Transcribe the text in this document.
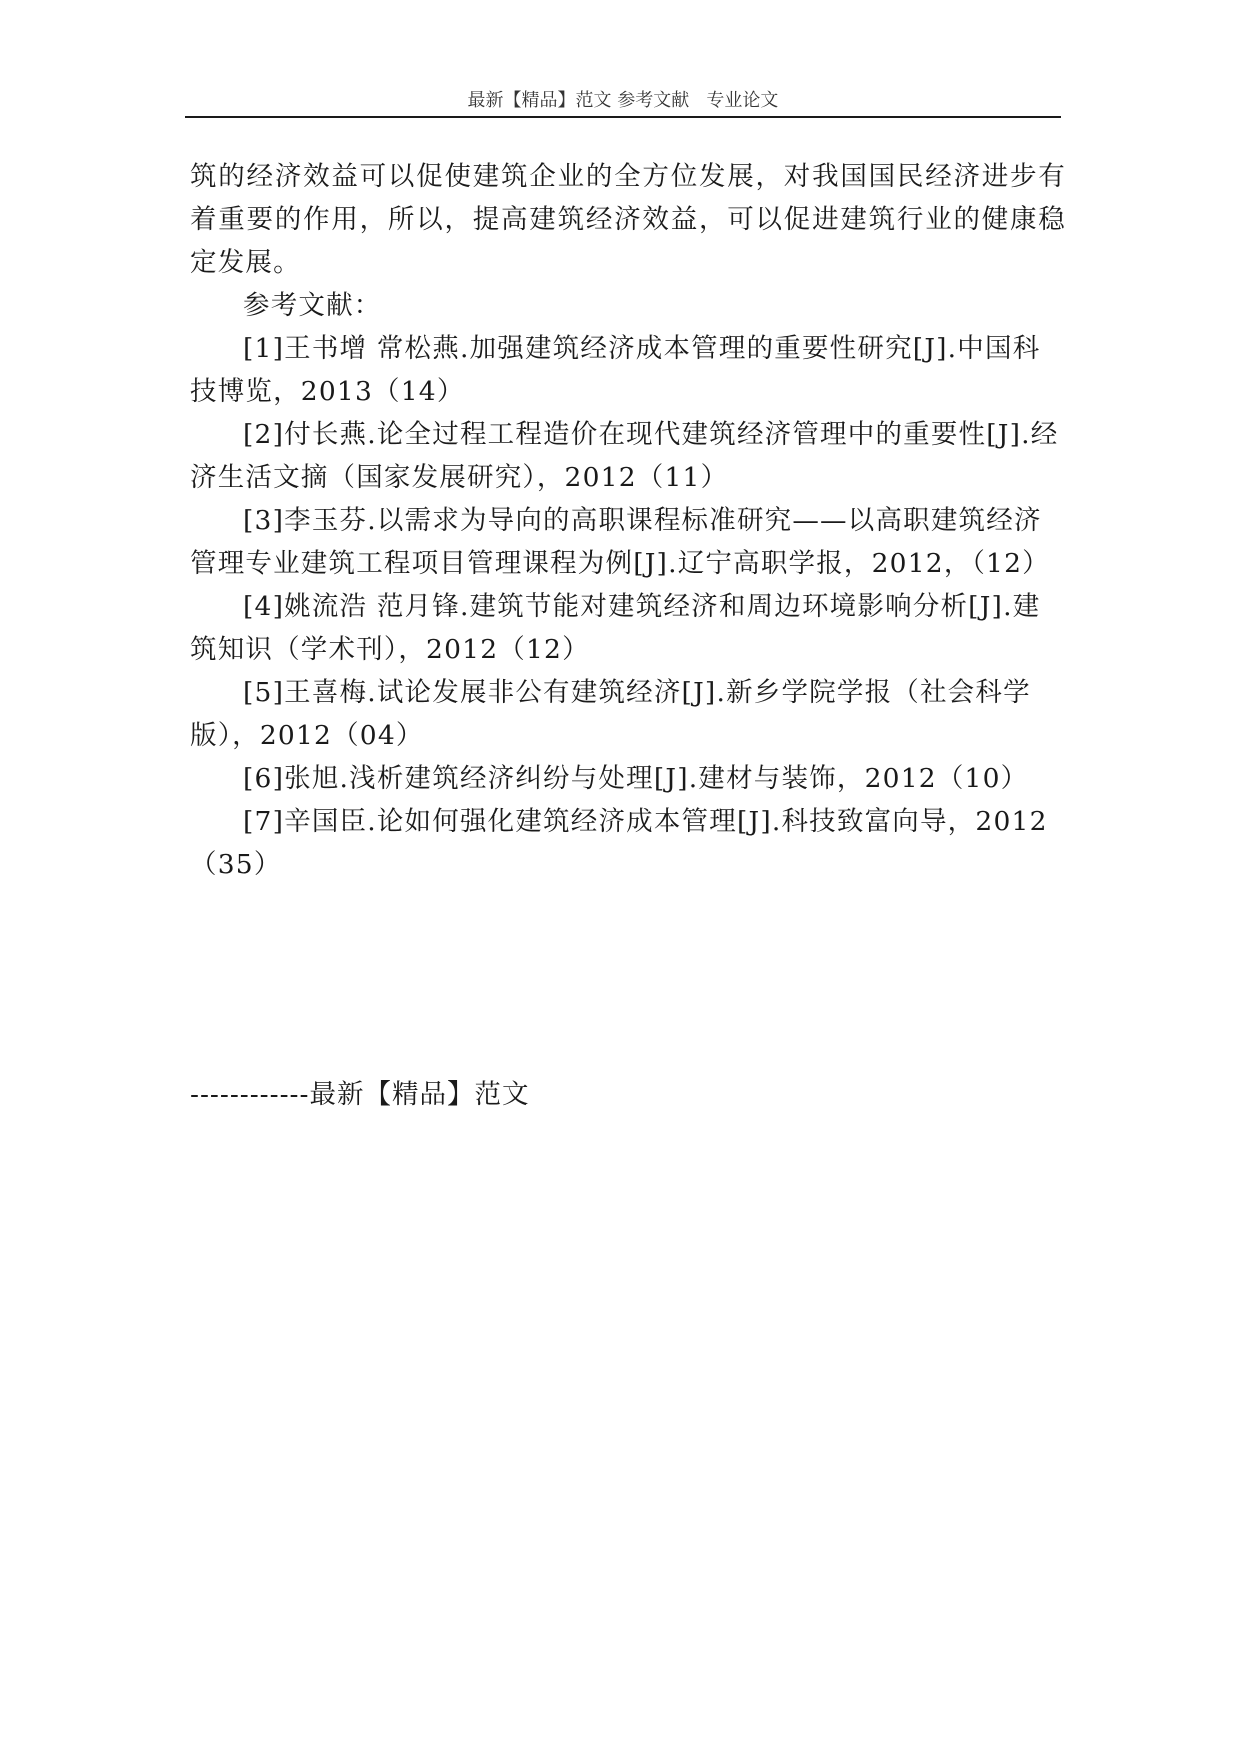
最新【精品】范文 参考文献   专业论文

筑的经济效益可以促使建筑企业的全方位发展，对我国国民经济进步有着重要的作用，所以，提高建筑经济效益，可以促进建筑行业的健康稳定发展。

参考文献：

[1]王书增 常松燕.加强建筑经济成本管理的重要性研究[J].中国科技博览，2013（14）

[2]付长燕.论全过程工程造价在现代建筑经济管理中的重要性[J].经济生活文摘（国家发展研究），2012（11）

[3]李玉芬.以需求为导向的高职课程标准研究——以高职建筑经济管理专业建筑工程项目管理课程为例[J].辽宁高职学报，2012，（12）

[4]姚流浩 范月锋.建筑节能对建筑经济和周边环境影响分析[J].建筑知识（学术刊），2012（12）

[5]王喜梅.试论发展非公有建筑经济[J].新乡学院学报（社会科学版），2012（04）

[6]张旭.浅析建筑经济纠纷与处理[J].建材与装饰，2012（10）

[7]辛国臣.论如何强化建筑经济成本管理[J].科技致富向导，2012（35）

------------最新【精品】范文
